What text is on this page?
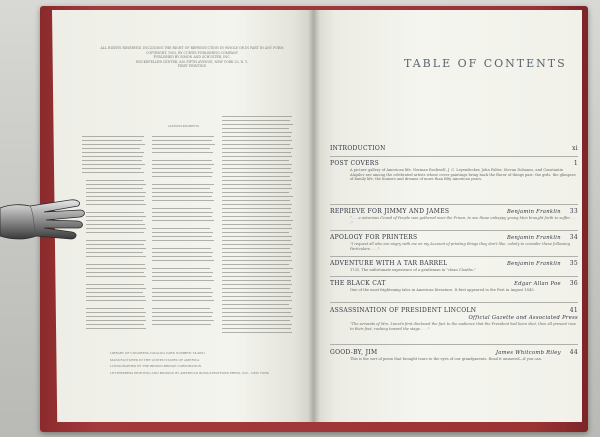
ALL RIGHTS RESERVED, INCLUDING THE RIGHT OF REPRODUCTION IN WHOLE OR IN PART IN ANY FORM
COPYRIGHT, 1953, BY CURTIS PUBLISHING COMPANY
PUBLISHED BY SIMON AND SCHUSTER, INC.
ROCKEFELLER CENTER, 630 FIFTH AVENUE, NEW YORK 20, N. Y.
FIRST PRINTING
ACKNOWLEDGMENTS
LIBRARY OF CONGRESS CATALOG CARD NUMBER: 54-6691
MANUFACTURED IN THE UNITED STATES OF AMERICA
LITHOGRAPHED BY THE BROWN-BRIDGE CORPORATION
LETTERPRESS PRINTING AND BINDING BY AMERICAN BOOK-STRATFORD PRESS, INC., NEW YORK
TABLE OF CONTENTS
INTRODUCTION	xi
POST COVERS	1
A picture gallery of American life. Norman Rockwell, J. C. Leyendecker, John Falter, Stevan Dohanos, and Constantin Alajalov are among the celebrated artists whose cover paintings bring back the flavor of things past: the girls, the glimpses of family life, the humors and dreams of more than fifty American years.
REPRIEVE FOR JIMMY AND JAMES	Benjamin Franklin 33
". . . a notorious Crowd of People was gathered near the Prison, to see these unhappy young Men brought forth to suffer. . . ."
APOLOGY FOR PRINTERS	Benjamin Franklin 34
"I request all who are angry with me on my Account of printing things they don't like, calmly to consider these following Particulars. . . ."
ADVENTURE WITH A TAR BARREL	Benjamin Franklin 35
1731. The unfortunate experience of a gentleman in "clean Cloaths."
THE BLACK CAT	Edgar Allan Poe 36
One of the most frightening tales in American literature. It first appeared in the Post in August 1843.
ASSASSINATION OF PRESIDENT LINCOLN	41
Official Gazette and Associated Press
"The servants of Mrs. Lincoln first disclosed the fact to the audience that the President had been shot, then all present rose to their feet, rushing toward the stage. . . ."
GOOD-BY, JIM	James Whitcomb Riley 44
This is the sort of poem that brought tears to the eyes of our grandparents. Read it unmoved—if you can.
